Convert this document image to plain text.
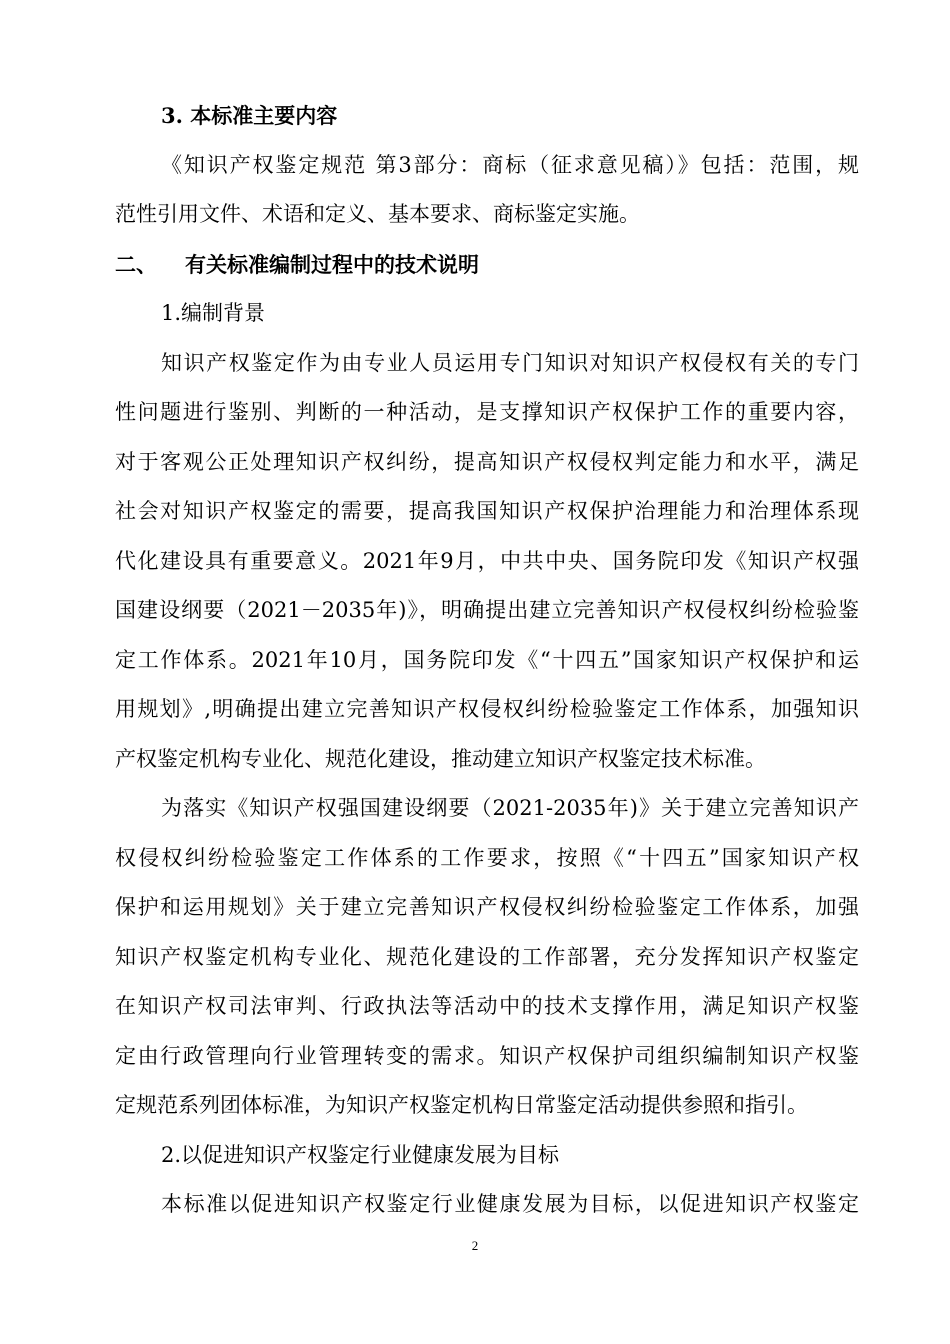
3. 本标准主要内容
《知识产权鉴定规范 第3部分：商标（征求意见稿）》包括：范围，规
范性引用文件、术语和定义、基本要求、商标鉴定实施。
二、 有关标准编制过程中的技术说明
1.编制背景
知识产权鉴定作为由专业人员运用专门知识对知识产权侵权有关的专门
性问题进行鉴别、判断的一种活动，是支撑知识产权保护工作的重要内容，
对于客观公正处理知识产权纠纷，提高知识产权侵权判定能力和水平，满足
社会对知识产权鉴定的需要，提高我国知识产权保护治理能力和治理体系现
代化建设具有重要意义。2021年9月，中共中央、国务院印发《知识产权强
国建设纲要（2021－2035年)》，明确提出建立完善知识产权侵权纠纷检验鉴
定工作体系。2021年10月，国务院印发《“十四五”国家知识产权保护和运
用规划》,明确提出建立完善知识产权侵权纠纷检验鉴定工作体系，加强知识
产权鉴定机构专业化、规范化建设，推动建立知识产权鉴定技术标准。
为落实《知识产权强国建设纲要（2021-2035年)》关于建立完善知识产
权侵权纠纷检验鉴定工作体系的工作要求，按照《“十四五”国家知识产权
保护和运用规划》关于建立完善知识产权侵权纠纷检验鉴定工作体系，加强
知识产权鉴定机构专业化、规范化建设的工作部署，充分发挥知识产权鉴定
在知识产权司法审判、行政执法等活动中的技术支撑作用，满足知识产权鉴
定由行政管理向行业管理转变的需求。知识产权保护司组织编制知识产权鉴
定规范系列团体标准，为知识产权鉴定机构日常鉴定活动提供参照和指引。
2.以促进知识产权鉴定行业健康发展为目标
本标准以促进知识产权鉴定行业健康发展为目标，以促进知识产权鉴定
2
